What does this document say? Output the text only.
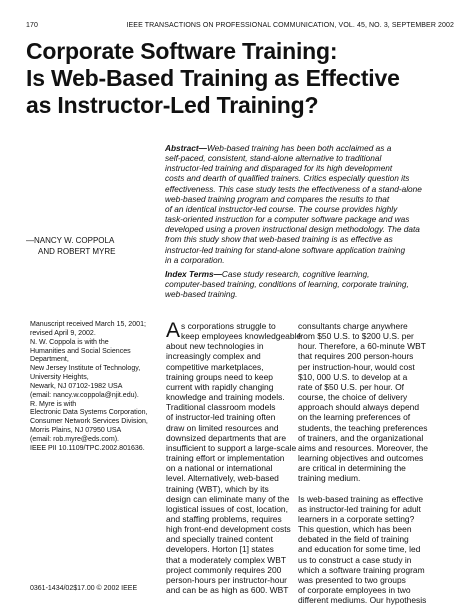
170	IEEE TRANSACTIONS ON PROFESSIONAL COMMUNICATION, VOL. 45, NO. 3, SEPTEMBER 2002
Corporate Software Training:
Is Web-Based Training as Effective
as Instructor-Led Training?
—NANCY W. COPPOLA
AND ROBERT MYRE
Abstract—Web-based training has been both acclaimed as a
self-paced, consistent, stand-alone alternative to traditional
instructor-led training and disparaged for its high development
costs and dearth of qualified trainers. Critics especially question its
effectiveness. This case study tests the effectiveness of a stand-alone
web-based training program and compares the results to that
of an identical instructor-led course. The course provides highly
task-oriented instruction for a computer software package and was
developed using a proven instructional design methodology. The data
from this study show that web-based training is as effective as
instructor-led training for stand-alone software application training
in a corporation.
Index Terms—Case study research, cognitive learning,
computer-based training, conditions of learning, corporate training,
web-based training.
Manuscript received March 15, 2001;
revised April 9, 2002.
N. W. Coppola is with the
Humanities and Social Sciences
Department,
New Jersey Institute of Technology,
University Heights,
Newark, NJ 07102-1982 USA
(email: nancy.w.coppola@njit.edu).
R. Myre is with
Electronic Data Systems Corporation,
Consumer Network Services Division,
Morris Plains, NJ 07950 USA
(email: rob.myre@eds.com).
IEEE PII 10.1109/TPC.2002.801636.
A s corporations struggle to
keep employees knowledgeable
about new technologies in
increasingly complex and
competitive marketplaces,
training groups need to keep
current with rapidly changing
knowledge and training models.
Traditional classroom models
of instructor-led training often
draw on limited resources and
downsized departments that are
insufficient to support a large-scale
training effort or implementation
on a national or international
level. Alternatively, web-based
training (WBT), which by its
design can eliminate many of the
logistical issues of cost, location,
and staffing problems, requires
high front-end development costs
and specially trained content
developers. Horton [1] states
that a moderately complex WBT
project commonly requires 200
person-hours per instructor-hour
and can be as high as 600. WBT
consultants charge anywhere
from $50 U.S. to $200 U.S. per
hour. Therefore, a 60-minute WBT
that requires 200 person-hours
per instruction-hour, would cost
$10, 000 U.S. to develop at a
rate of $50 U.S. per hour. Of
course, the choice of delivery
approach should always depend
on the learning preferences of
students, the teaching preferences
of trainers, and the organizational
aims and resources. Moreover, the
learning objectives and outcomes
are critical in determining the
training medium.
Is web-based training as effective
as instructor-led training for adult
learners in a corporate setting?
This question, which has been
debated in the field of training
and education for some time, led
us to construct a case study in
which a software training program
was presented to two groups
of corporate employees in two
different mediums. Our hypothesis
0361-1434/02$17.00 © 2002 IEEE
